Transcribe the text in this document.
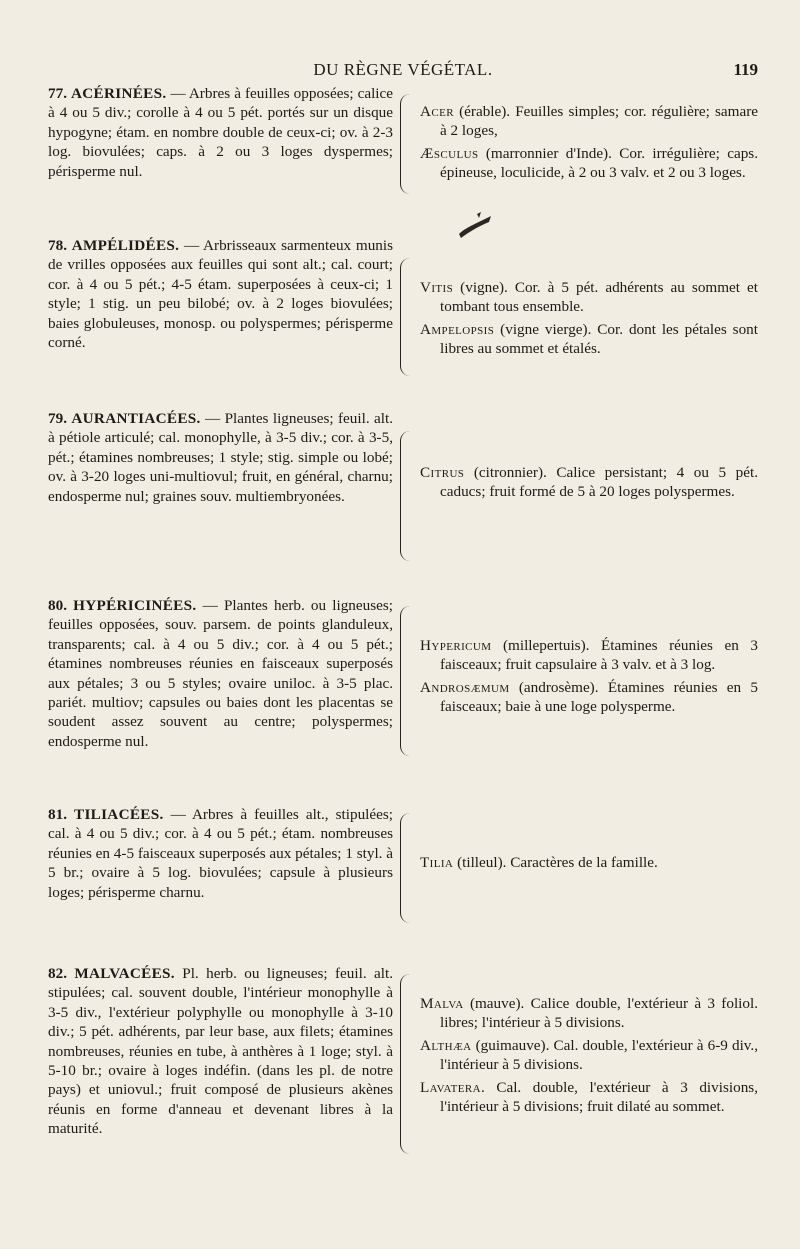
DU RÈGNE VÉGÉTAL.	119
77. ACÉRINÉES. — Arbres à feuilles opposées; calice à 4 ou 5 div.; corolle à 4 ou 5 pét. portés sur un disque hypogyne; étam. en nombre double de ceux-ci; ov. à 2-3 log. biovulées; caps. à 2 ou 3 loges dyspermes; périsperme nul.

Acer (érable). Feuilles simples; cor. régulière; samare à 2 loges,

Æsculus (marronnier d'Inde). Cor. irrégulière; caps. épineuse, loculicide, à 2 ou 3 valv. et 2 ou 3 loges.

78. AMPÉLIDÉES. — Arbrisseaux sarmenteux munis de vrilles opposées aux feuilles qui sont alt.; cal. court; cor. à 4 ou 5 pét.; 4-5 étam. superposées à ceux-ci; 1 style; 1 stig. un peu bilobé; ov. à 2 loges biovulées; baies globuleuses, monosp. ou polyspermes; périsperme corné.

Vitis (vigne). Cor. à 5 pét. adhérents au sommet et tombant tous ensemble.

Ampelopsis (vigne vierge). Cor. dont les pétales sont libres au sommet et étalés.

79. AURANTIACÉES. — Plantes ligneuses; feuil. alt. à pétiole articulé; cal. monophylle, à 3-5 div.; cor. à 3-5, pét.; étamines nombreuses; 1 style; stig. simple ou lobé; ov. à 3-20 loges uni-multiovul; fruit, en général, charnu; endosperme nul; graines souv. multiembryonées.

Citrus (citronnier). Calice persistant; 4 ou 5 pét. caducs; fruit formé de 5 à 20 loges polyspermes.

80. HYPÉRICINÉES. — Plantes herb. ou ligneuses; feuilles opposées, souv. parsem. de points glanduleux, transparents; cal. à 4 ou 5 div.; cor. à 4 ou 5 pét.; étamines nombreuses réunies en faisceaux superposés aux pétales; 3 ou 5 styles; ovaire uniloc. à 3-5 plac. pariét. multiov; capsules ou baies dont les placentas se soudent assez souvent au centre; polyspermes; endosperme nul.

Hypericum (millepertuis). Étamines réunies en 3 faisceaux; fruit capsulaire à 3 valv. et à 3 log.

Androsæmum (androsème). Étamines réunies en 5 faisceaux; baie à une loge polysperme.

81. TILIACÉES. — Arbres à feuilles alt., stipulées; cal. à 4 ou 5 div.; cor. à 4 ou 5 pét.; étam. nombreuses réunies en 4-5 faisceaux superposés aux pétales; 1 styl. à 5 br.; ovaire à 5 log. biovulées; capsule à plusieurs loges; périsperme charnu.

Tilia (tilleul). Caractères de la famille.

82. MALVACÉES. Pl. herb. ou ligneuses; feuil. alt. stipulées; cal. souvent double, l'intérieur monophylle à 3-5 div., l'extérieur polyphylle ou monophylle à 3-10 div.; 5 pét. adhérents, par leur base, aux filets; étamines nombreuses, réunies en tube, à anthères à 1 loge; styl. à 5-10 br.; ovaire à loges indéfin. (dans les pl. de notre pays) et uniovul.; fruit composé de plusieurs akènes réunis en forme d'anneau et devenant libres à la maturité.

Malva (mauve). Calice double, l'extérieur à 3 foliol. libres; l'intérieur à 5 divisions.

Althæa (guimauve). Cal. double, l'extérieur à 6-9 div., l'intérieur à 5 divisions.

Lavatera. Cal. double, l'extérieur à 3 divisions, l'intérieur à 5 divisions; fruit dilaté au sommet.
